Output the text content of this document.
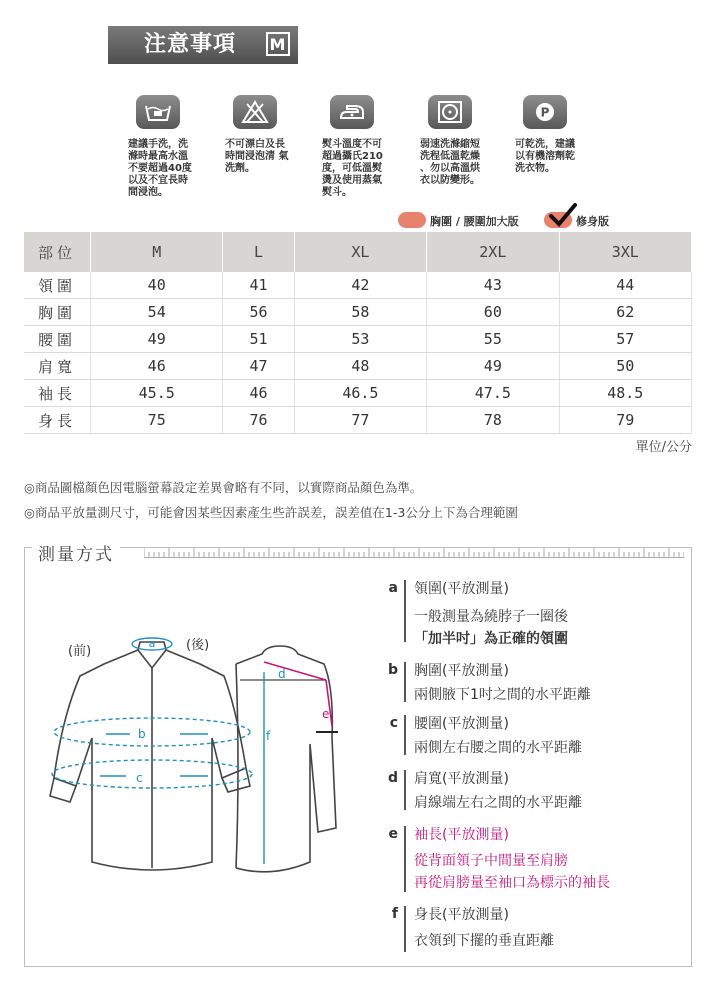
注意事項 M
建議手洗，洗
滌時最高水溫
不要超過40度
以及不宜長時
間浸泡。
不可漂白及長
時間浸泡清 氣
洗劑。
熨斗溫度不可
超過攝氏210
度，可低溫熨
燙及使用蒸氣
熨斗。
弱速洗滌縮短
洗程低溫乾燥
、勿以高溫烘
衣以防變形。
P
可乾洗，建議
以有機溶劑乾
洗衣物。
胸圍 / 腰圍加大版	修身版
部位	M	L	XL	2XL	3XL
領圍	40	41	42	43	44
胸圍	54	56	58	60	62
腰圍	49	51	53	55	57
肩寬	46	47	48	49	50
袖長	45.5	46	46.5	47.5	48.5
身長	75	76	77	78	79
單位/公分
◎商品圖檔顏色因電腦螢幕設定差異會略有不同，以實際商品顏色為準。
◎商品平放量測尺寸，可能會因某些因素產生些許誤差，誤差值在1-3公分上下為合理範圍
測量方式
a
b
c
d
e
f
(前)	(後)
a 領圍(平放測量)
一般測量為繞脖子一圈後
「加半吋」為正確的領圍
b 胸圍(平放測量)
兩側腋下1吋之間的水平距離
c 腰圍(平放測量)
兩側左右腰之間的水平距離
d 肩寬(平放測量)
肩線端左右之間的水平距離
e 袖長(平放測量)
從背面領子中間量至肩膀
再從肩膀量至袖口為標示的袖長
f 身長(平放測量)
衣領到下擺的垂直距離
